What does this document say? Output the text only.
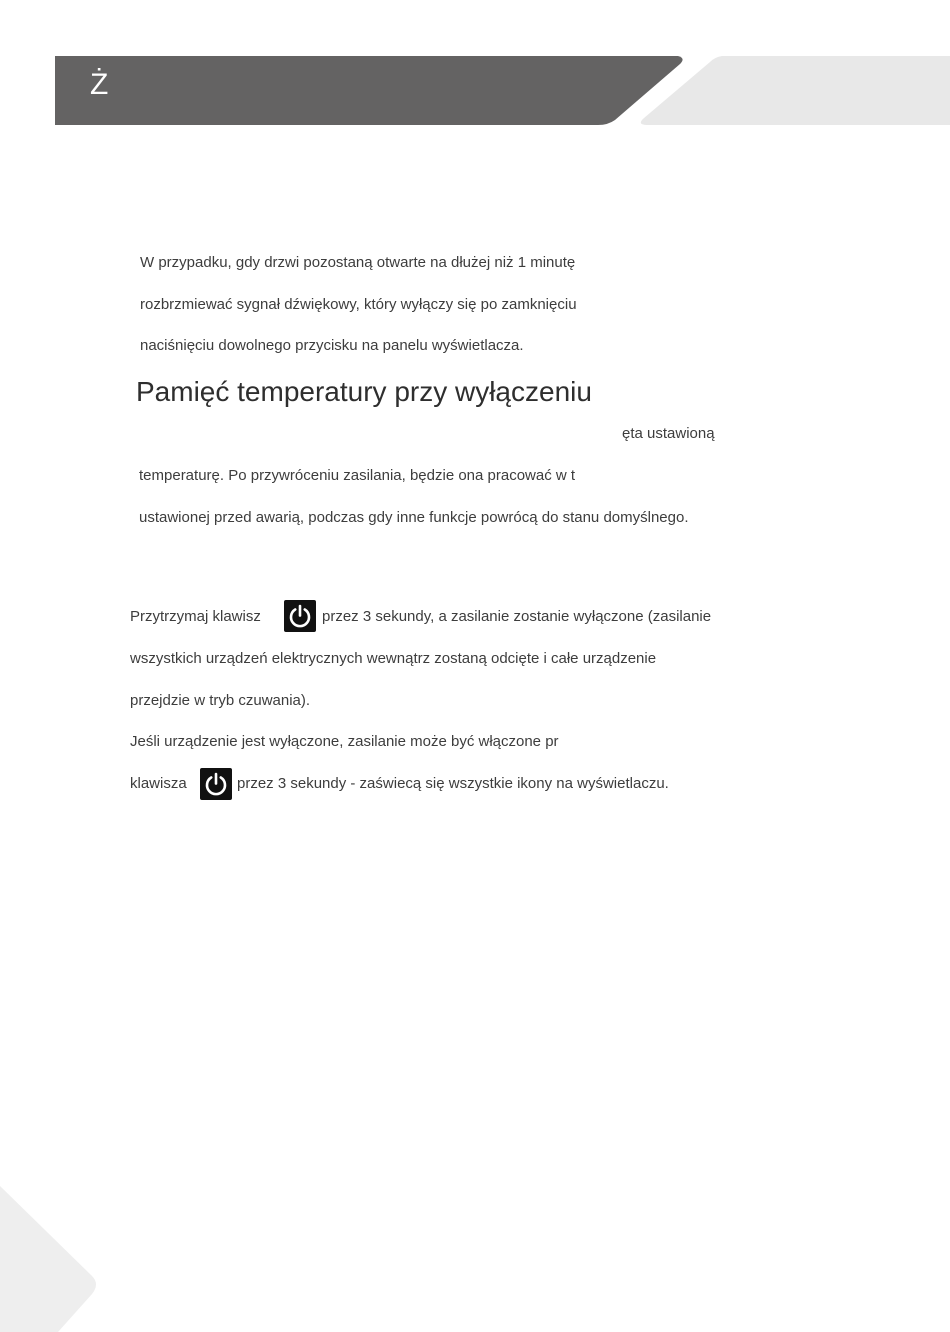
Ż
W przypadku, gdy drzwi pozostaną otwarte na dłużej niż 1 minutę
rozbrzmiewać sygnał dźwiękowy, który wyłączy się po zamknięciu
naciśnięciu dowolnego przycisku na panelu wyświetlacza.
Pamięć temperatury przy wyłączeniu
ęta ustawioną
temperaturę. Po przywróceniu zasilania, będzie ona pracować w t
ustawionej przed awarią, podczas gdy inne funkcje powrócą do stanu domyślnego.
Przytrzymaj klawisz	przez 3 sekundy, a zasilanie zostanie wyłączone (zasilanie
wszystkich urządzeń elektrycznych wewnątrz zostaną odcięte i całe urządzenie
przejdzie w tryb czuwania).
Jeśli urządzenie jest wyłączone, zasilanie może być włączone pr
klawisza	przez 3 sekundy - zaświecą się wszystkie ikony na wyświetlaczu.
